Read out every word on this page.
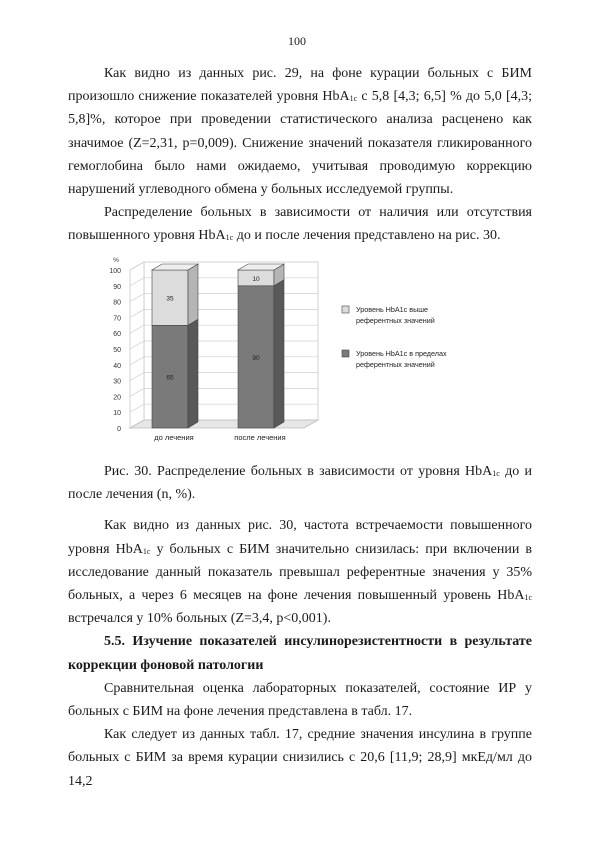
100

Как видно из данных рис. 29, на фоне курации больных с БИМ произошло снижение показателей уровня HbA$_{1c}$ с 5,8 [4,3; 6,5] % до 5,0 [4,3; 5,8]%, которое при проведении статистического анализа расценено как значимое (Z=2,31, p=0,009). Снижение значений показателя гликированного гемоглобина было нами ожидаемо, учитывая проводимую коррекцию нарушений углеводного обмена у больных исследуемой группы.

Распределение больных в зависимости от наличия или отсутствия повышенного уровня HbA$_{1c}$ до и после лечения представлено на рис. 30.

0
10
20
30
40
50
60
70
80
90
100
%
65
35
до лечения
90
10
после лечения
Уровень HbA1c выше
референтных значений
Уровень HbA1c в пределах
референтных значений

Рис. 30. Распределение больных в зависимости от уровня HbA$_{1c}$ до и после лечения (n, %).

Как видно из данных рис. 30, частота встречаемости повышенного уровня HbA$_{1c}$ у больных с БИМ значительно снизилась: при включении в исследование данный показатель превышал референтные значения у 35% больных, а через 6 месяцев на фоне лечения повышенный уровень HbA$_{1c}$ встречался у 10% больных (Z=3,4, p<0,001).

5.5. Изучение показателей инсулинорезистентности в результате коррекции фоновой патологии

Сравнительная оценка лабораторных показателей, состояние ИР у больных с БИМ на фоне лечения представлена в табл. 17.

Как следует из данных табл. 17, средние значения инсулина в группе больных с БИМ за время курации снизились с 20,6 [11,9; 28,9] мкЕд/мл до 14,2
